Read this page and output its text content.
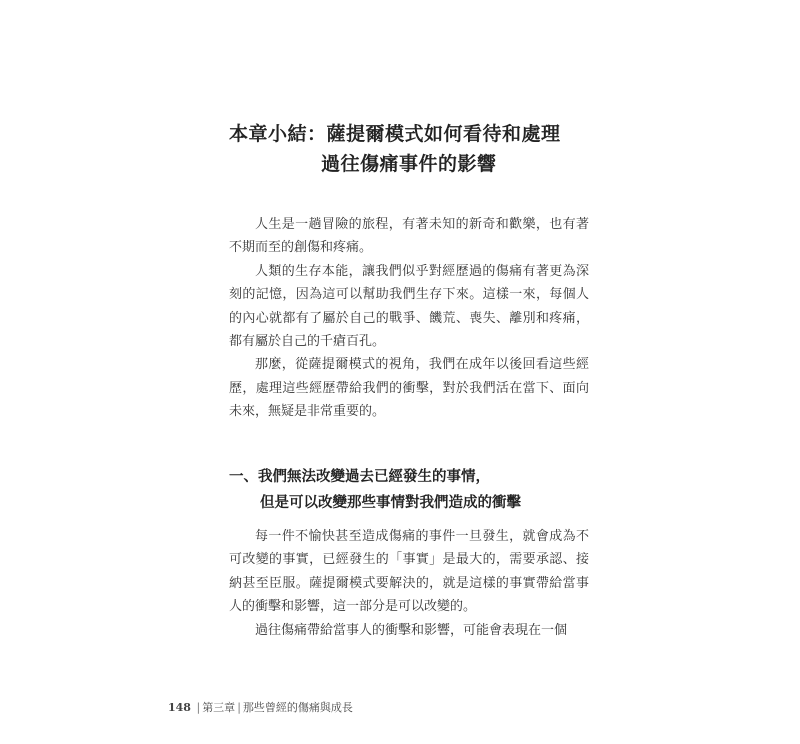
本章小結：薩提爾模式如何看待和處理
過往傷痛事件的影響

人生是一趟冒險的旅程，有著未知的新奇和歡樂，也有著不期而至的創傷和疼痛。

人類的生存本能，讓我們似乎對經歷過的傷痛有著更為深刻的記憶，因為這可以幫助我們生存下來。這樣一來，每個人的內心就都有了屬於自己的戰爭、饑荒、喪失、離別和疼痛，都有屬於自己的千瘡百孔。

那麼，從薩提爾模式的視角，我們在成年以後回看這些經歷，處理這些經歷帶給我們的衝擊，對於我們活在當下、面向未來，無疑是非常重要的。

一、我們無法改變過去已經發生的事情，
但是可以改變那些事情對我們造成的衝擊

每一件不愉快甚至造成傷痛的事件一旦發生，就會成為不可改變的事實，已經發生的「事實」是最大的，需要承認、接納甚至臣服。薩提爾模式要解決的，就是這樣的事實帶給當事人的衝擊和影響，這一部分是可以改變的。

過往傷痛帶給當事人的衝擊和影響，可能會表現在一個

148 | 第三章 | 那些曾經的傷痛與成長
